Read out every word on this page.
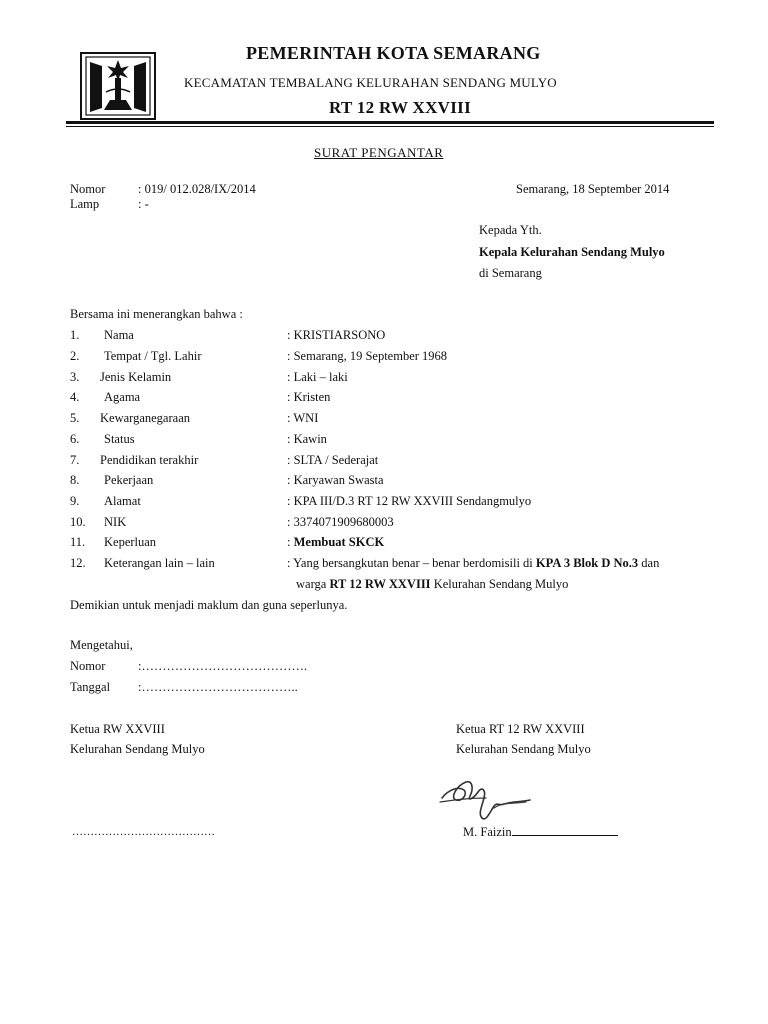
PEMERINTAH KOTA SEMARANG
KECAMATAN TEMBALANG KELURAHAN SENDANG MULYO
RT 12 RW XXVIII
SURAT PENGANTAR
Nomor	: 019/ 012.028/IX/2014
Lamp	: -
Semarang, 18 September 2014
Kepada Yth.
Kepala Kelurahan Sendang Mulyo
di Semarang
Bersama ini menerangkan bahwa :
1. Nama	: KRISTIARSONO
2. Tempat / Tgl. Lahir	: Semarang, 19 September 1968
3. Jenis Kelamin	: Laki – laki
4. Agama	: Kristen
5. Kewarganegaraan	: WNI
6. Status	: Kawin
7. Pendidikan terakhir	: SLTA / Sederajat
8. Pekerjaan	: Karyawan Swasta
9. Alamat	: KPA III/D.3 RT 12 RW XXVIII Sendangmulyo
10. NIK	: 3374071909680003
11. Keperluan	: Membuat SKCK
12. Keterangan lain – lain	: Yang bersangkutan benar – benar berdomisili di KPA 3 Blok D No.3 dan
warga RT 12 RW XXVIII Kelurahan Sendang Mulyo
Demikian untuk menjadi maklum dan guna seperlunya.
Mengetahui,
Nomor	:………………………………….
Tanggal :………………………………..
Ketua RW XXVIII
Kelurahan Sendang Mulyo
…………………………………
Ketua RT 12 RW XXVIII
Kelurahan Sendang Mulyo
M. Faizin
